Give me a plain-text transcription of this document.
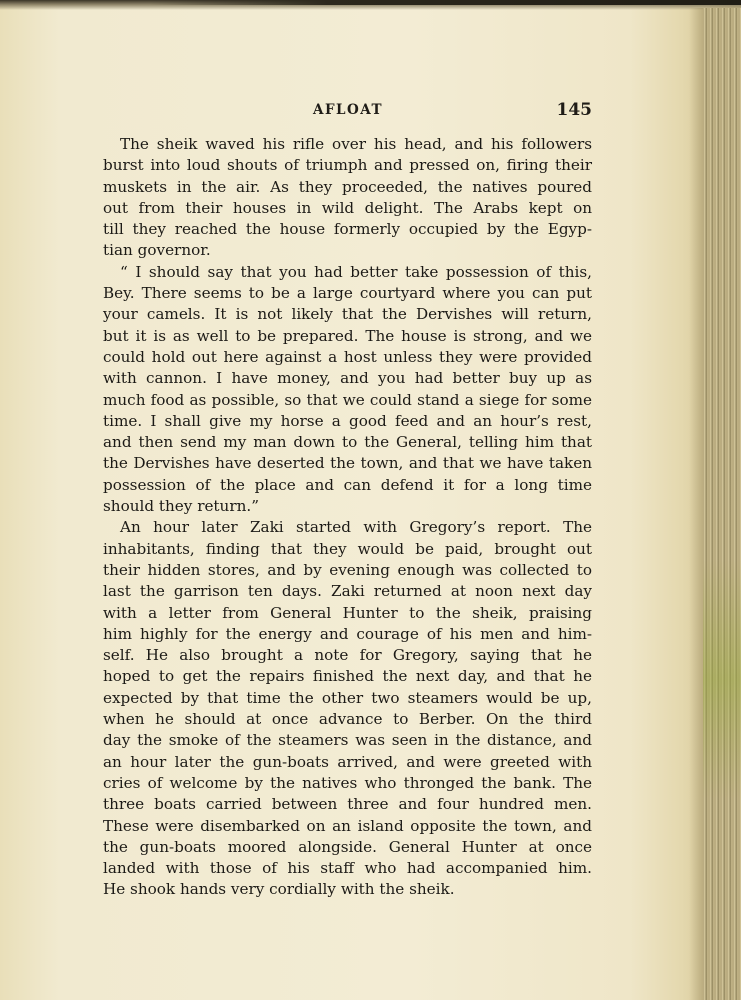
AFLOAT	145
The sheik waved his rifle over his head, and his followers
burst into loud shouts of triumph and pressed on, firing their
muskets in the air. As they proceeded, the natives poured
out from their houses in wild delight. The Arabs kept on
till they reached the house formerly occupied by the Egyp-
tian governor.
“ I should say that you had better take possession of this,
Bey. There seems to be a large courtyard where you can put
your camels. It is not likely that the Dervishes will return,
but it is as well to be prepared. The house is strong, and we
could hold out here against a host unless they were provided
with cannon. I have money, and you had better buy up as
much food as possible, so that we could stand a siege for some
time. I shall give my horse a good feed and an hour’s rest,
and then send my man down to the General, telling him that
the Dervishes have deserted the town, and that we have taken
possession of the place and can defend it for a long time
should they return.”
An hour later Zaki started with Gregory’s report. The
inhabitants, finding that they would be paid, brought out
their hidden stores, and by evening enough was collected to
last the garrison ten days. Zaki returned at noon next day
with a letter from General Hunter to the sheik, praising
him highly for the energy and courage of his men and him-
self. He also brought a note for Gregory, saying that he
hoped to get the repairs finished the next day, and that he
expected by that time the other two steamers would be up,
when he should at once advance to Berber. On the third
day the smoke of the steamers was seen in the distance, and
an hour later the gun-boats arrived, and were greeted with
cries of welcome by the natives who thronged the bank. The
three boats carried between three and four hundred men.
These were disembarked on an island opposite the town, and
the gun-boats moored alongside. General Hunter at once
landed with those of his staff who had accompanied him.
He shook hands very cordially with the sheik.
